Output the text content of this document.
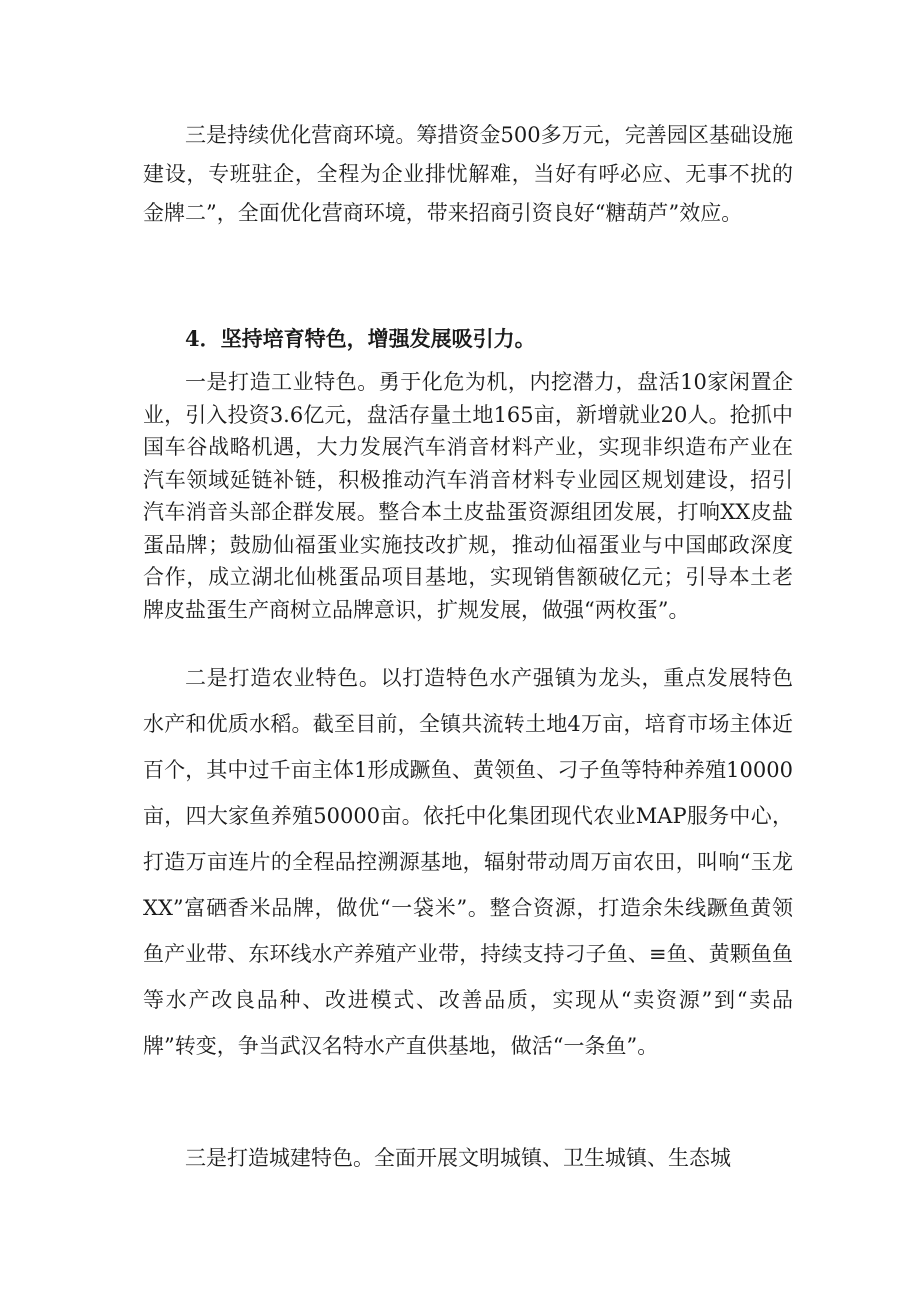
三是持续优化营商环境。筹措资金500多万元，完善园区基础设施建设，专班驻企，全程为企业排忧解难，当好有呼必应、无事不扰的金牌二”，全面优化营商环境，带来招商引资良好“糖葫芦”效应。

4．坚持培育特色，增强发展吸引力。

一是打造工业特色。勇于化危为机，内挖潜力，盘活10家闲置企业，引入投资3.6亿元，盘活存量土地165亩，新增就业20人。抢抓中国车谷战略机遇，大力发展汽车消音材料产业，实现非织造布产业在汽车领域延链补链，积极推动汽车消音材料专业园区规划建设，招引汽车消音头部企群发展。整合本土皮盐蛋资源组团发展，打响XX皮盐蛋品牌；鼓励仙福蛋业实施技改扩规，推动仙福蛋业与中国邮政深度合作，成立湖北仙桃蛋品项目基地，实现销售额破亿元；引导本土老牌皮盐蛋生产商树立品牌意识，扩规发展，做强“两枚蛋”。

二是打造农业特色。以打造特色水产强镇为龙头，重点发展特色水产和优质水稻。截至目前，全镇共流转土地4万亩，培育市场主体近百个，其中过千亩主体1形成蹶鱼、黄领鱼、刁子鱼等特种养殖10000亩，四大家鱼养殖50000亩。依托中化集团现代农业MAP服务中心，打造万亩连片的全程品控溯源基地，辐射带动周万亩农田，叫响“玉龙XX”富硒香米品牌，做优“一袋米”。整合资源，打造余朱线蹶鱼黄领鱼产业带、东环线水产养殖产业带，持续支持刁子鱼、≡鱼、黄颗鱼鱼等水产改良品种、改进模式、改善品质，实现从“卖资源”到“卖品牌”转变，争当武汉名特水产直供基地，做活“一条鱼”。

三是打造城建特色。全面开展文明城镇、卫生城镇、生态城
